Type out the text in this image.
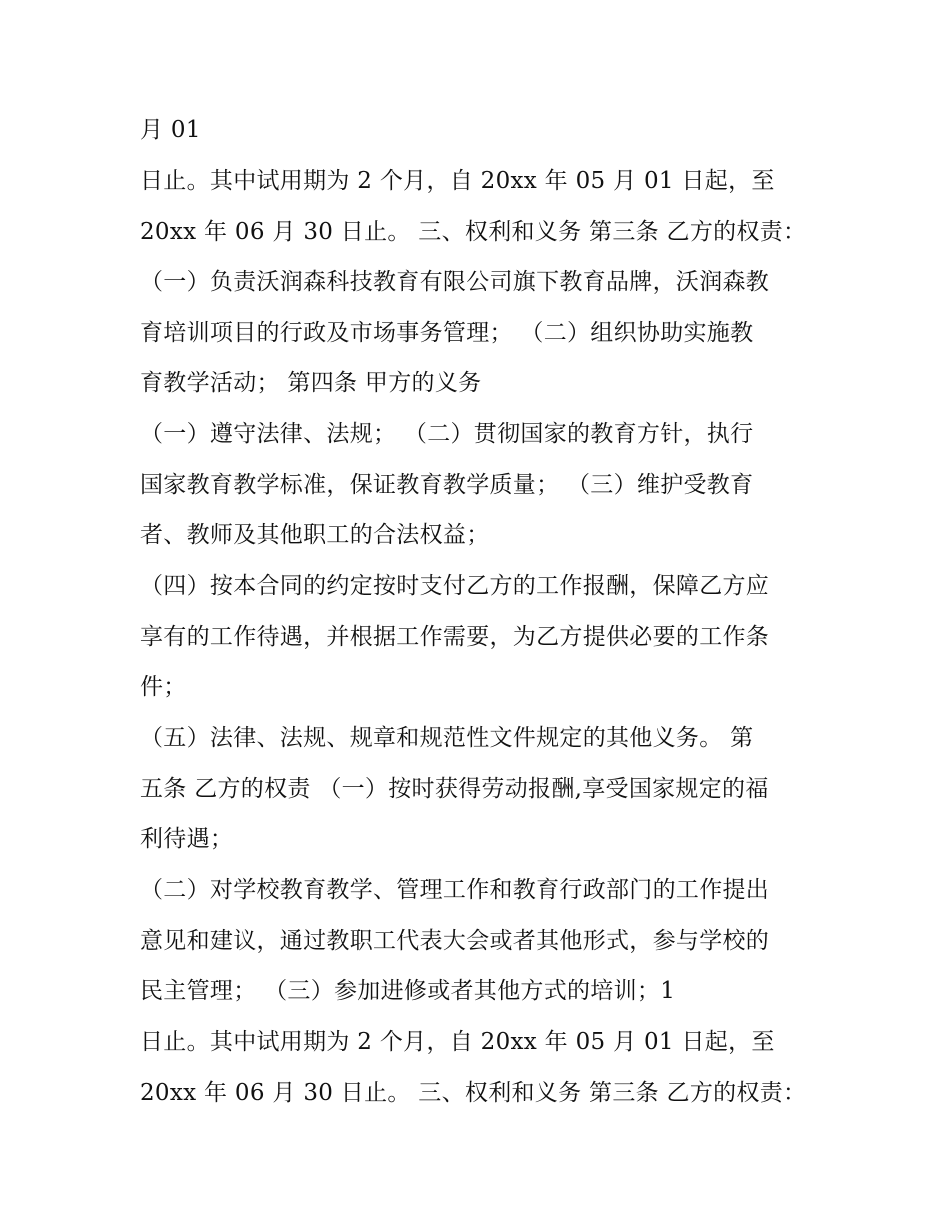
月 01
日止。其中试用期为 2 个月，自 20xx 年 05 月 01 日起，至
20xx 年 06 月 30 日止。 三、权利和义务 第三条 乙方的权责：
（一）负责沃润森科技教育有限公司旗下教育品牌，沃润森教
育培训项目的行政及市场事务管理； （二）组织协助实施教
育教学活动； 第四条 甲方的义务
（一）遵守法律、法规； （二）贯彻国家的教育方针，执行
国家教育教学标准，保证教育教学质量； （三）维护受教育
者、教师及其他职工的合法权益；
（四）按本合同的约定按时支付乙方的工作报酬，保障乙方应
享有的工作待遇，并根据工作需要，为乙方提供必要的工作条
件；
（五）法律、法规、规章和规范性文件规定的其他义务。 第
五条 乙方的权责 （一）按时获得劳动报酬,享受国家规定的福
利待遇；
（二）对学校教育教学、管理工作和教育行政部门的工作提出
意见和建议，通过教职工代表大会或者其他形式，参与学校的
民主管理； （三）参加进修或者其他方式的培训；1
日止。其中试用期为 2 个月，自 20xx 年 05 月 01 日起，至
20xx 年 06 月 30 日止。 三、权利和义务 第三条 乙方的权责：
